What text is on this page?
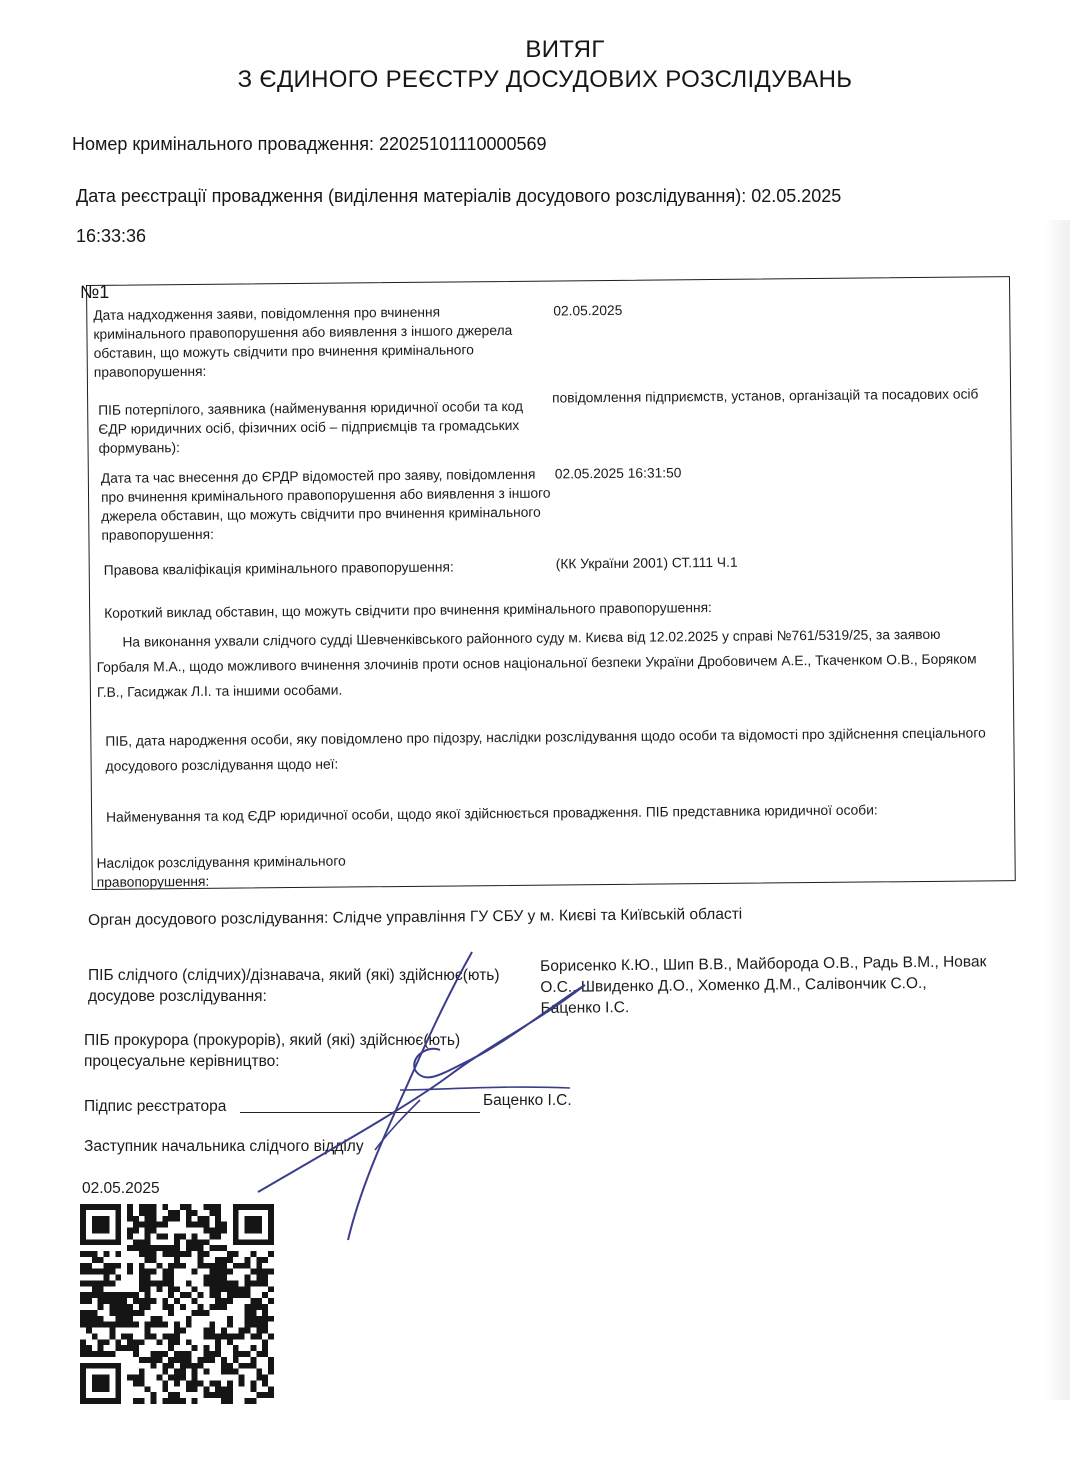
ВИТЯГ
З ЄДИНОГО РЕЄСТРУ ДОСУДОВИХ РОЗСЛІДУВАНЬ
Номер кримінального провадження: 22025101110000569
Дата реєстрації провадження (виділення матеріалів досудового розслідування): 02.05.2025
16:33:36
№1
Дата надходження заяви, повідомлення про вчинення кримінального правопорушення або виявлення з іншого джерела обставин, що можуть свідчити про вчинення кримінального правопорушення:
02.05.2025
ПІБ потерпілого, заявника (найменування юридичної особи та код ЄДР юридичних осіб, фізичних осіб – підприємців та громадських формувань):
повідомлення підприємств, установ, організацій та посадових осіб
Дата та час внесення до ЄРДР відомостей про заяву, повідомлення про вчинення кримінального правопорушення або виявлення з іншого джерела обставин, що можуть свідчити про вчинення кримінального правопорушення:
02.05.2025 16:31:50
Правова кваліфікація кримінального правопорушення:	(КК України 2001) СТ.111 Ч.1
Короткий виклад обставин, що можуть свідчити про вчинення кримінального правопорушення:
На виконання ухвали слідчого судді Шевченківського районного суду м. Києва від 12.02.2025 у справі №761/5319/25, за заявою Горбаля М.А., щодо можливого вчинення злочинів проти основ національної безпеки України Дробовичем А.Е., Ткаченком О.В., Боряком Г.В., Гасиджак Л.І. та іншими особами.
ПІБ, дата народження особи, яку повідомлено про підозру, наслідки розслідування щодо особи та відомості про здійснення спеціального досудового розслідування щодо неї:
Найменування та код ЄДР юридичної особи, щодо якої здійснюється провадження. ПІБ представника юридичної особи:
Наслідок розслідування кримінального правопорушення:
Орган досудового розслідування: Слідче управління ГУ СБУ у м. Києві та Київській області
ПІБ слідчого (слідчих)/дізнавача, який (які) здійснює(ють) досудове розслідування:
Борисенко К.Ю., Шип В.В., Майборода О.В., Радь В.М., Новак О.С., Швиденко Д.О., Хоменко Д.М., Салівончик С.О., Баценко І.С.
ПІБ прокурора (прокурорів), який (які) здійснює(ють) процесуальне керівництво:
Підпис реєстратора	Баценко І.С.
Заступник начальника слідчого відділу
02.05.2025
